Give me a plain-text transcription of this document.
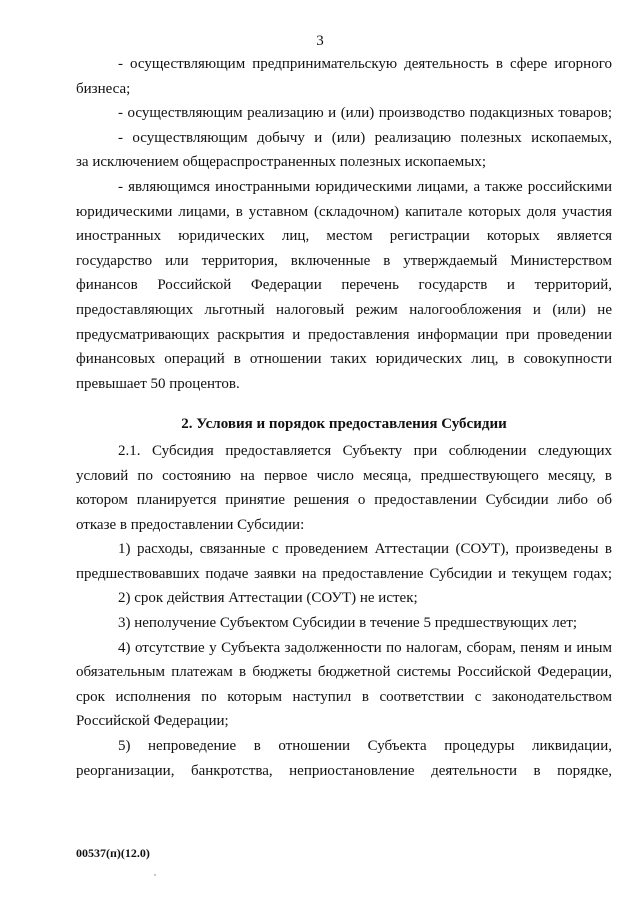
3

- осуществляющим предпринимательскую деятельность в сфере игорного
бизнеса;

- осуществляющим реализацию и (или) производство подакцизных товаров;

- осуществляющим добычу и (или) реализацию полезных ископаемых,
за исключением общераспространенных полезных ископаемых;

- являющимся иностранными юридическими лицами, а также российскими
юридическими лицами, в уставном (складочном) капитале которых доля участия
иностранных юридических лиц, местом регистрации которых является
государство или территория, включенные в утверждаемый Министерством
финансов Российской Федерации перечень государств и территорий,
предоставляющих льготный налоговый режим налогообложения и (или) не
предусматривающих раскрытия и предоставления информации при проведении
финансовых операций в отношении таких юридических лиц, в совокупности
превышает 50 процентов.

2. Условия и порядок предоставления Субсидии

2.1. Субсидия предоставляется Субъекту при соблюдении следующих
условий по состоянию на первое число месяца, предшествующего месяцу, в
котором планируется принятие решения о предоставлении Субсидии либо об
отказе в предоставлении Субсидии:

1) расходы, связанные с проведением Аттестации (СОУТ), произведены в
предшествовавших подаче заявки на предоставление Субсидии и текущем годах;

2) срок действия Аттестации (СОУТ) не истек;

3) неполучение Субъектом Субсидии в течение 5 предшествующих лет;

4) отсутствие у Субъекта задолженности по налогам, сборам, пеням и иным
обязательным платежам в бюджеты бюджетной системы Российской Федерации,
срок исполнения по которым наступил в соответствии с законодательством
Российской Федерации;

5) непроведение в отношении Субъекта процедуры ликвидации,
реорганизации, банкротства, неприостановление деятельности в порядке,

00537(п)(12.0)
